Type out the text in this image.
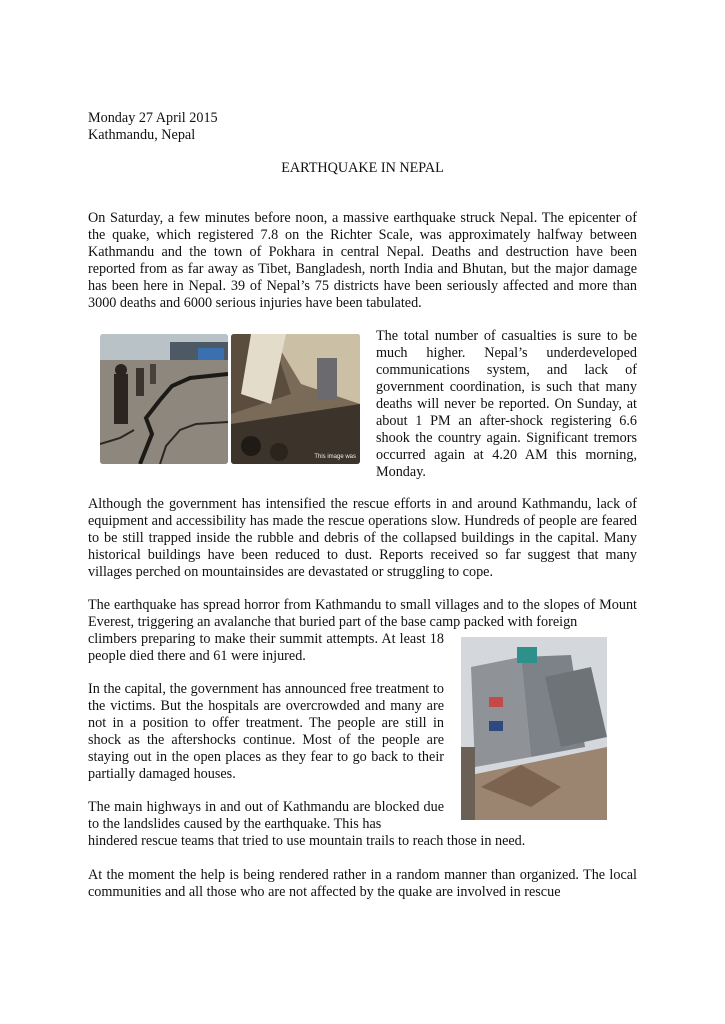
Monday 27 April 2015
Kathmandu, Nepal
EARTHQUAKE IN NEPAL
On Saturday, a few minutes before noon, a massive earthquake struck Nepal. The epicenter of the quake, which registered 7.8 on the Richter Scale, was approximately halfway between Kathmandu and the town of Pokhara in central Nepal. Deaths and destruction have been reported from as far away as Tibet, Bangladesh, north India and Bhutan, but the major damage has been here in Nepal. 39 of Nepal’s 75 districts have been seriously affected and more than 3000 deaths and 6000 serious injuries have been tabulated.
This image was
The total number of casualties is sure to be much higher. Nepal’s underdeveloped communications system, and lack of government coordination, is such that many deaths will never be reported. On Sunday, at about 1 PM an after-shock registering 6.6 shook the country again. Significant tremors occurred again at 4.20 AM this morning, Monday.
Although the government has intensified the rescue efforts in and around Kathmandu, lack of equipment and accessibility has made the rescue operations slow. Hundreds of people are feared to be still trapped inside the rubble and debris of the collapsed buildings in the capital. Many historical buildings have been reduced to dust. Reports received so far suggest that many villages perched on mountainsides are devastated or struggling to cope.
The earthquake has spread horror from Kathmandu to small villages and to the slopes of Mount Everest, triggering an avalanche that buried part of the base camp packed with foreign
climbers preparing to make their summit attempts. At least 18 people died there and 61 were injured.
In the capital, the government has announced free treatment to the victims. But the hospitals are overcrowded and many are not in a position to offer treatment. The people are still in shock as the aftershocks continue. Most of the people are staying out in the open places as they fear to go back to their partially damaged houses.
The main highways in and out of Kathmandu are blocked due to the landslides caused by the earthquake. This has
hindered rescue teams that tried to use mountain trails to reach those in need.
At the moment the help is being rendered rather in a random manner than organized. The local communities and all those who are not affected by the quake are involved in rescue
